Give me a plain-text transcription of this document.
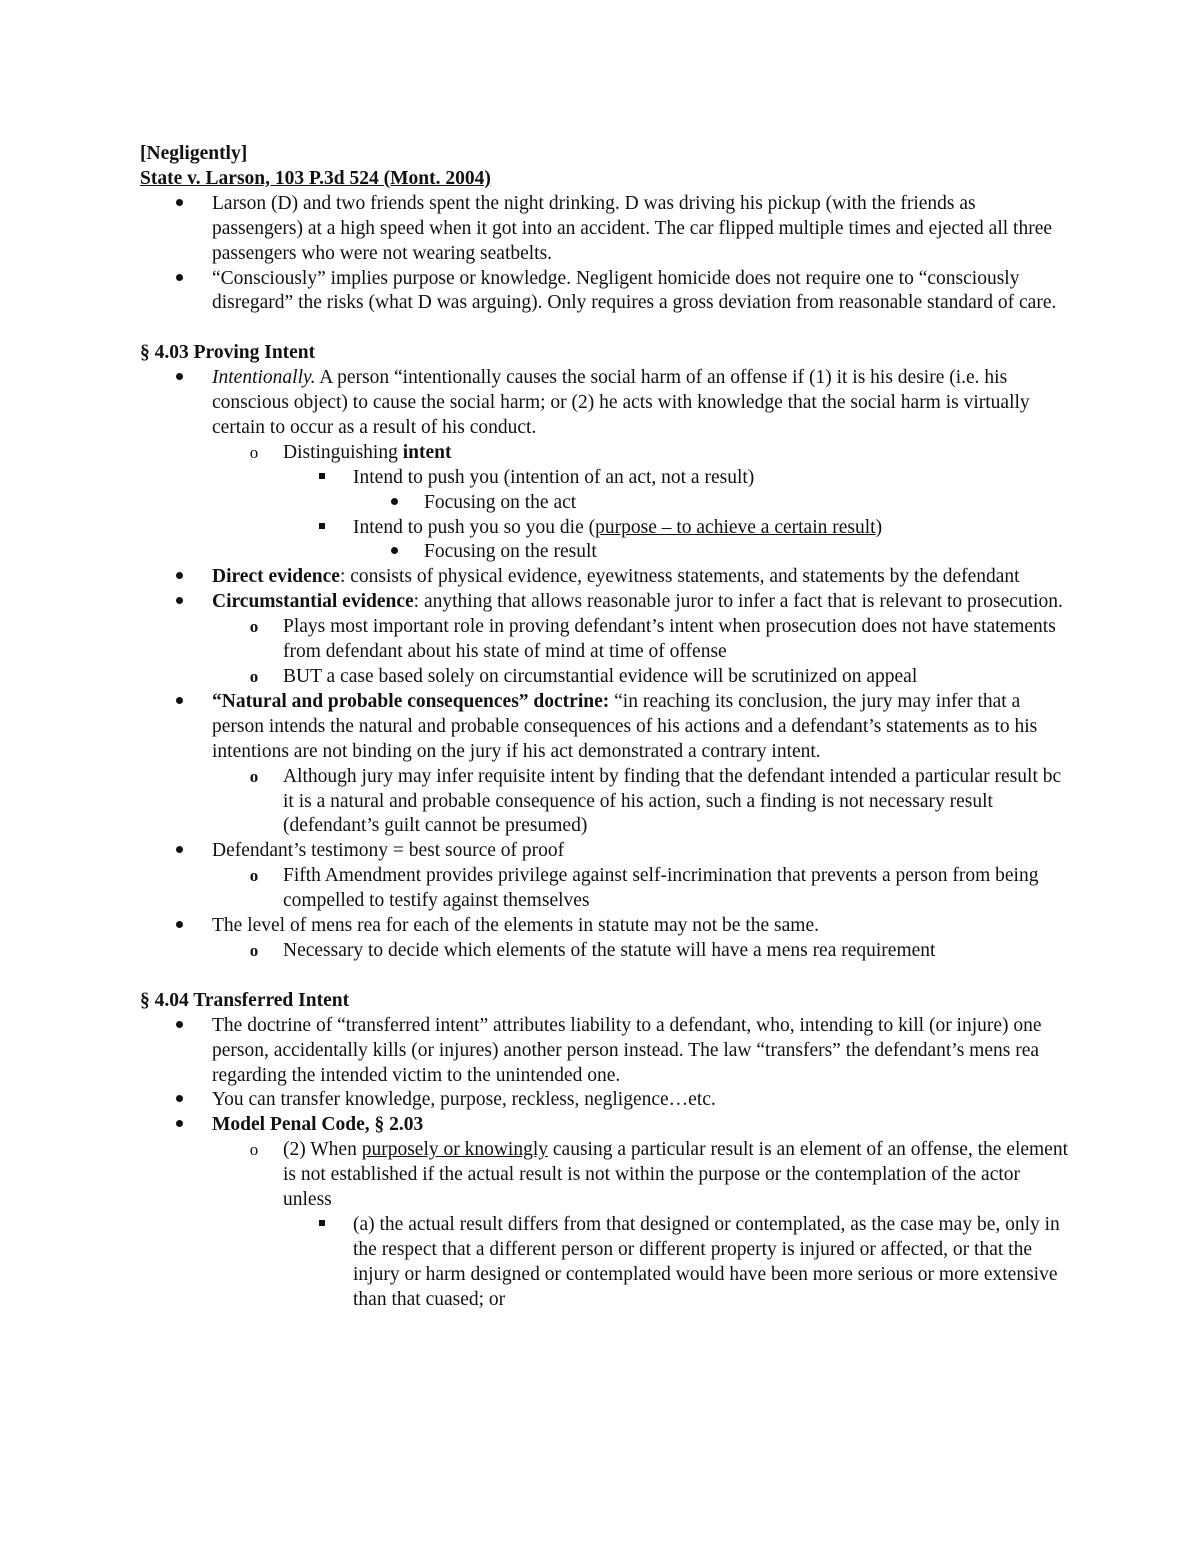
[Negligently]
State v. Larson, 103 P.3d 524 (Mont. 2004)
Larson (D) and two friends spent the night drinking. D was driving his pickup (with the friends as passengers) at a high speed when it got into an accident. The car flipped multiple times and ejected all three passengers who were not wearing seatbelts.
“Consciously” implies purpose or knowledge. Negligent homicide does not require one to “consciously disregard” the risks (what D was arguing). Only requires a gross deviation from reasonable standard of care.
§ 4.03 Proving Intent
Intentionally. A person “intentionally causes the social harm of an offense if (1) it is his desire (i.e. his conscious object) to cause the social harm; or (2) he acts with knowledge that the social harm is virtually certain to occur as a result of his conduct.
o Distinguishing intent
Intend to push you (intention of an act, not a result)
Focusing on the act
Intend to push you so you die (purpose – to achieve a certain result)
Focusing on the result
Direct evidence: consists of physical evidence, eyewitness statements, and statements by the defendant
Circumstantial evidence: anything that allows reasonable juror to infer a fact that is relevant to prosecution.
o Plays most important role in proving defendant’s intent when prosecution does not have statements from defendant about his state of mind at time of offense
o BUT a case based solely on circumstantial evidence will be scrutinized on appeal
“Natural and probable consequences” doctrine: “in reaching its conclusion, the jury may infer that a person intends the natural and probable consequences of his actions and a defendant’s statements as to his intentions are not binding on the jury if his act demonstrated a contrary intent.
o Although jury may infer requisite intent by finding that the defendant intended a particular result bc it is a natural and probable consequence of his action, such a finding is not necessary result (defendant’s guilt cannot be presumed)
Defendant’s testimony = best source of proof
o Fifth Amendment provides privilege against self-incrimination that prevents a person from being compelled to testify against themselves
The level of mens rea for each of the elements in statute may not be the same.
o Necessary to decide which elements of the statute will have a mens rea requirement
§ 4.04 Transferred Intent
The doctrine of “transferred intent” attributes liability to a defendant, who, intending to kill (or injure) one person, accidentally kills (or injures) another person instead. The law “transfers” the defendant’s mens rea regarding the intended victim to the unintended one.
You can transfer knowledge, purpose, reckless, negligence…etc.
Model Penal Code, § 2.03
o (2) When purposely or knowingly causing a particular result is an element of an offense, the element is not established if the actual result is not within the purpose or the contemplation of the actor unless
(a) the actual result differs from that designed or contemplated, as the case may be, only in the respect that a different person or different property is injured or affected, or that the injury or harm designed or contemplated would have been more serious or more extensive than that cuased; or
